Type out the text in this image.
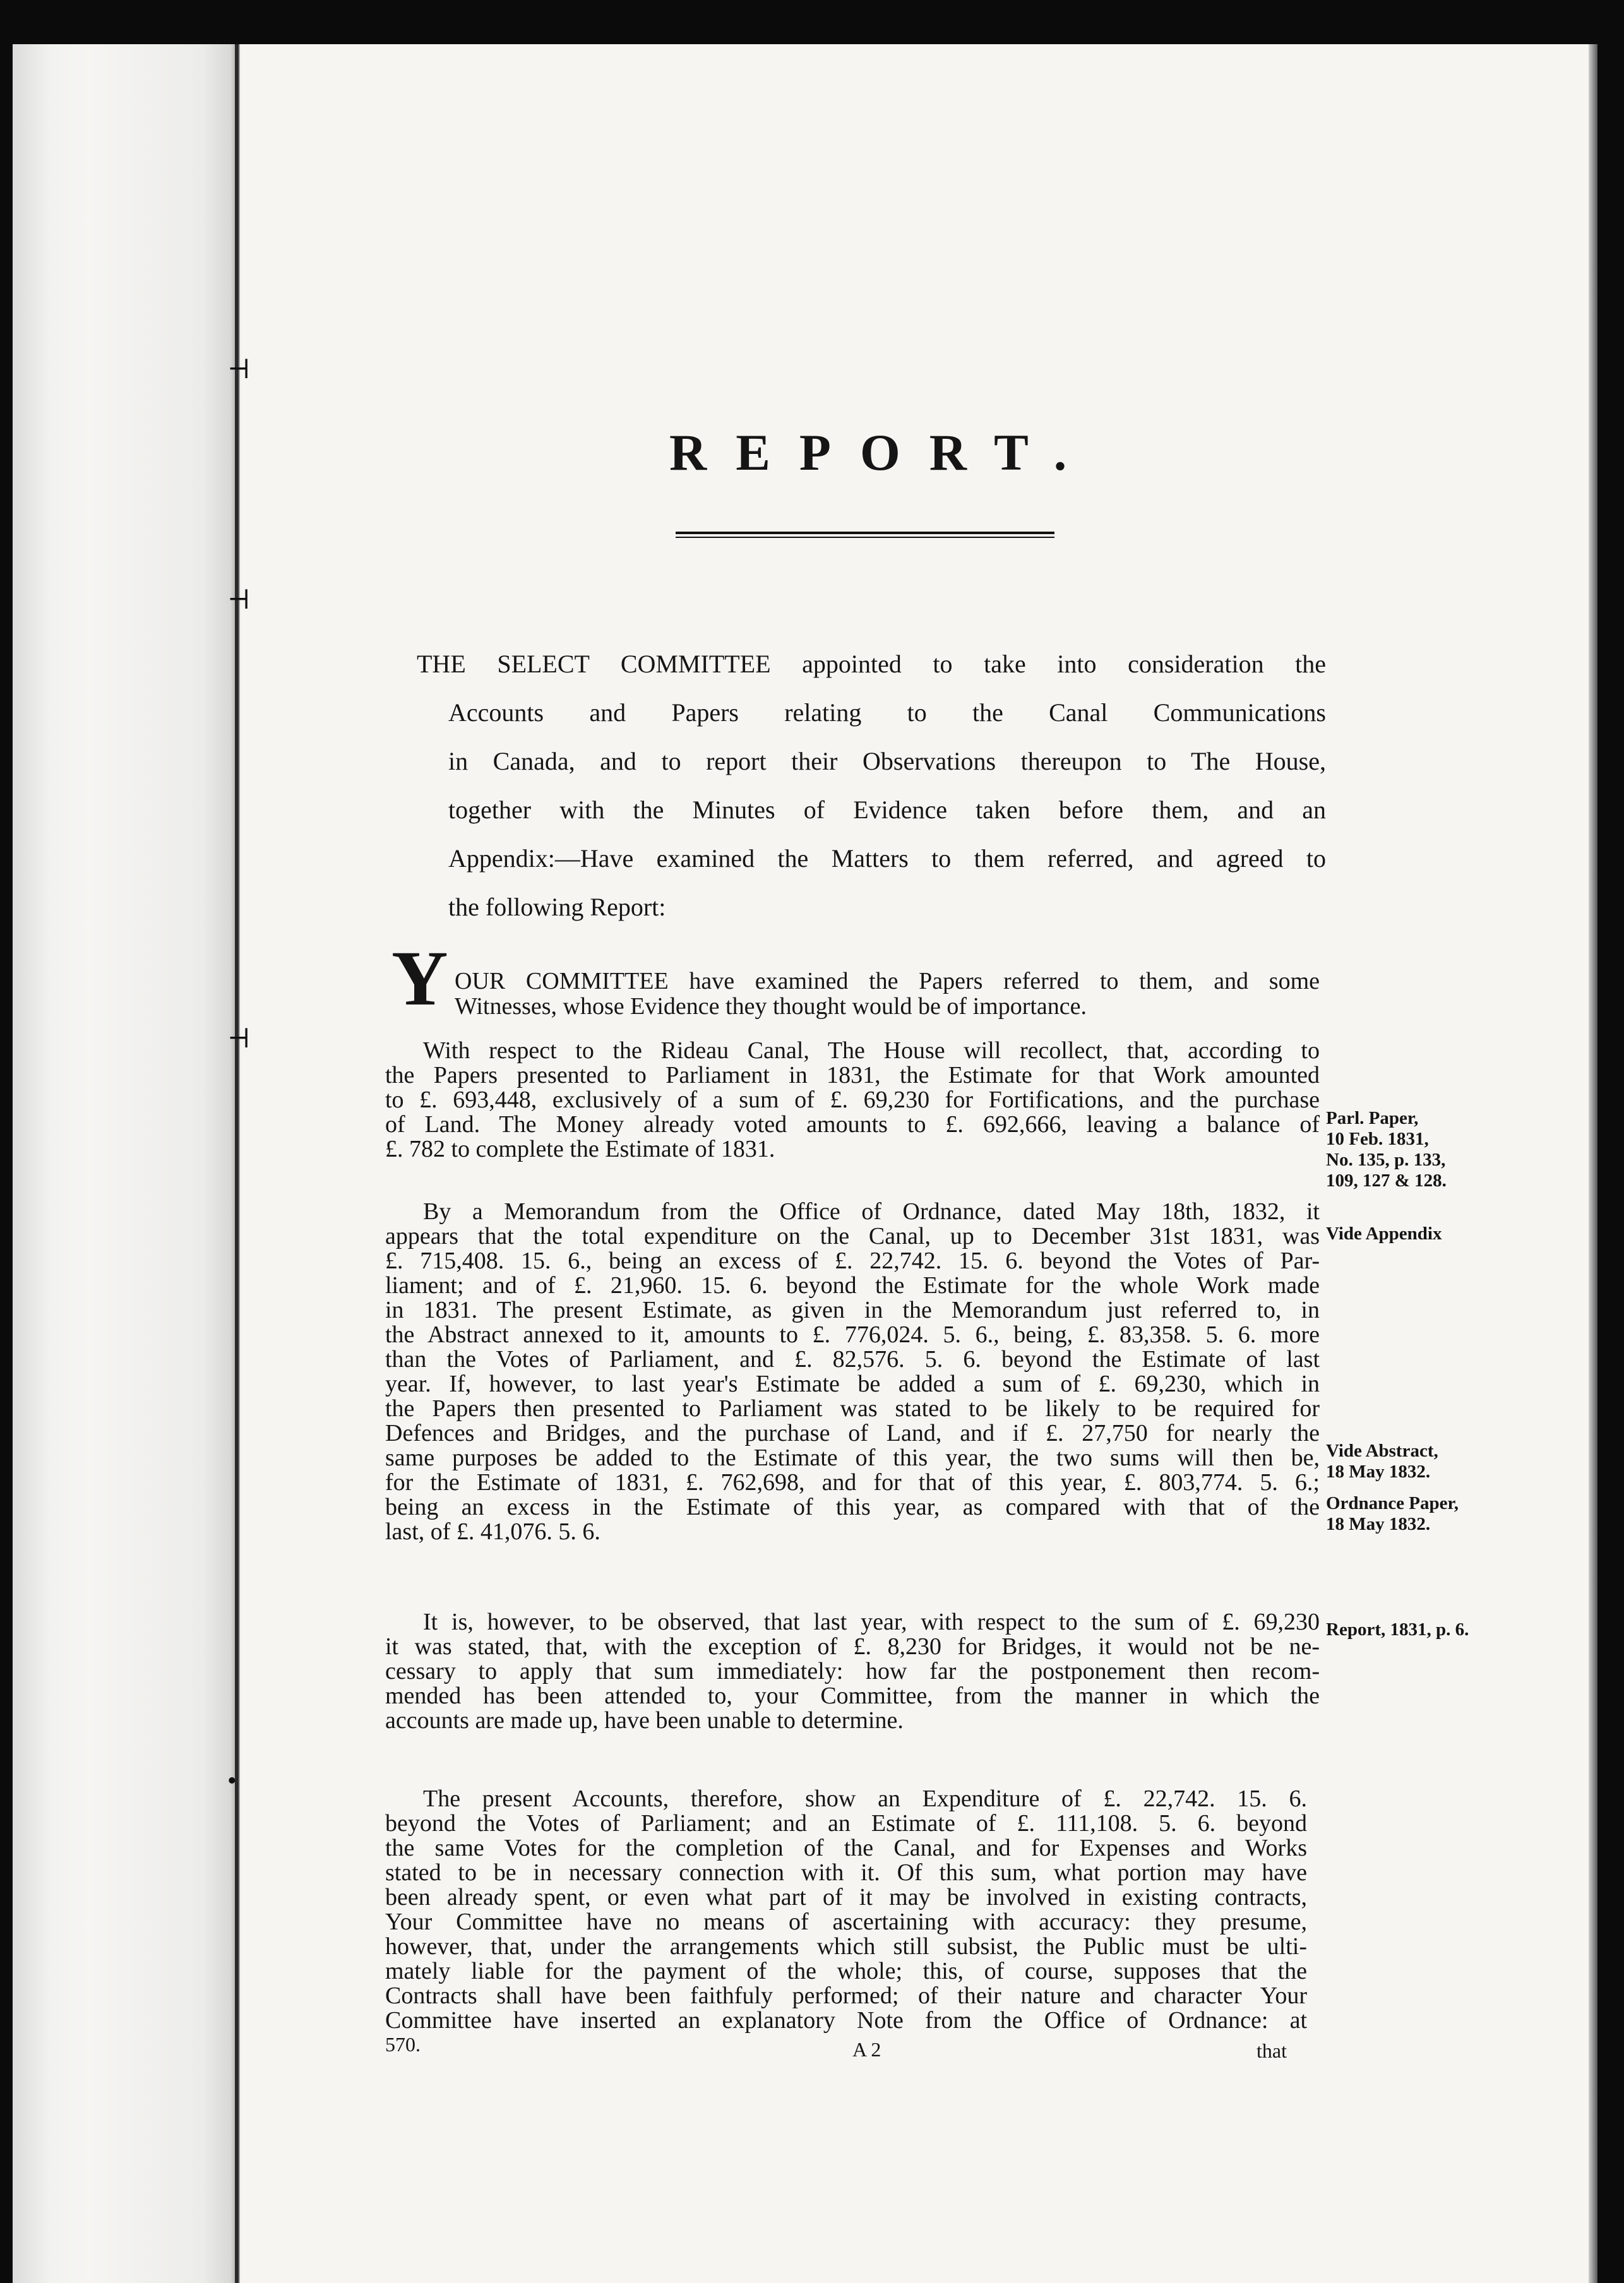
⊣
⊣
⊣
•
REPORT.

THE SELECT COMMITTEE appointed to take into consideration the

Accounts and Papers relating to the Canal Communications

in Canada, and to report their Observations thereupon to The House,

together with the Minutes of Evidence taken before them, and an

Appendix:—Have examined the Matters to them referred, and agreed to

the following Report:

Y OUR COMMITTEE have examined the Papers referred to them, and some

Witnesses, whose Evidence they thought would be of importance.

With respect to the Rideau Canal, The House will recollect, that, according to

the Papers presented to Parliament in 1831, the Estimate for that Work amounted

to £. 693,448, exclusively of a sum of £. 69,230 for Fortifications, and the purchase

of Land. The Money already voted amounts to £. 692,666, leaving a balance of

£. 782 to complete the Estimate of 1831.

By a Memorandum from the Office of Ordnance, dated May 18th, 1832, it

appears that the total expenditure on the Canal, up to December 31st 1831, was

£. 715,408. 15. 6., being an excess of £. 22,742. 15. 6. beyond the Votes of Par-

liament; and of £. 21,960. 15. 6. beyond the Estimate for the whole Work made

in 1831. The present Estimate, as given in the Memorandum just referred to, in

the Abstract annexed to it, amounts to £. 776,024. 5. 6., being, £. 83,358. 5. 6. more

than the Votes of Parliament, and £. 82,576. 5. 6. beyond the Estimate of last

year. If, however, to last year's Estimate be added a sum of £. 69,230, which in

the Papers then presented to Parliament was stated to be likely to be required for

Defences and Bridges, and the purchase of Land, and if £. 27,750 for nearly the

same purposes be added to the Estimate of this year, the two sums will then be,

for the Estimate of 1831, £. 762,698, and for that of this year, £. 803,774. 5. 6.;

being an excess in the Estimate of this year, as compared with that of the

last, of £. 41,076. 5. 6.

It is, however, to be observed, that last year, with respect to the sum of £. 69,230

it was stated, that, with the exception of £. 8,230 for Bridges, it would not be ne-

cessary to apply that sum immediately: how far the postponement then recom-

mended has been attended to, your Committee, from the manner in which the

accounts are made up, have been unable to determine.

The present Accounts, therefore, show an Expenditure of £. 22,742. 15. 6.

beyond the Votes of Parliament; and an Estimate of £. 111,108. 5. 6. beyond

the same Votes for the completion of the Canal, and for Expenses and Works

stated to be in necessary connection with it. Of this sum, what portion may have

been already spent, or even what part of it may be involved in existing contracts,

Your Committee have no means of ascertaining with accuracy: they presume,

however, that, under the arrangements which still subsist, the Public must be ulti-

mately liable for the payment of the whole; this, of course, supposes that the

Contracts shall have been faithfuly performed; of their nature and character Your

Committee have inserted an explanatory Note from the Office of Ordnance: at

Parl. Paper,

10 Feb. 1831,

No. 135, p. 133,

109, 127 & 128.

Vide Appendix

Vide Abstract,

18 May 1832.

Ordnance Paper,

18 May 1832.

Report, 1831, p. 6.

570.	A 2	that
